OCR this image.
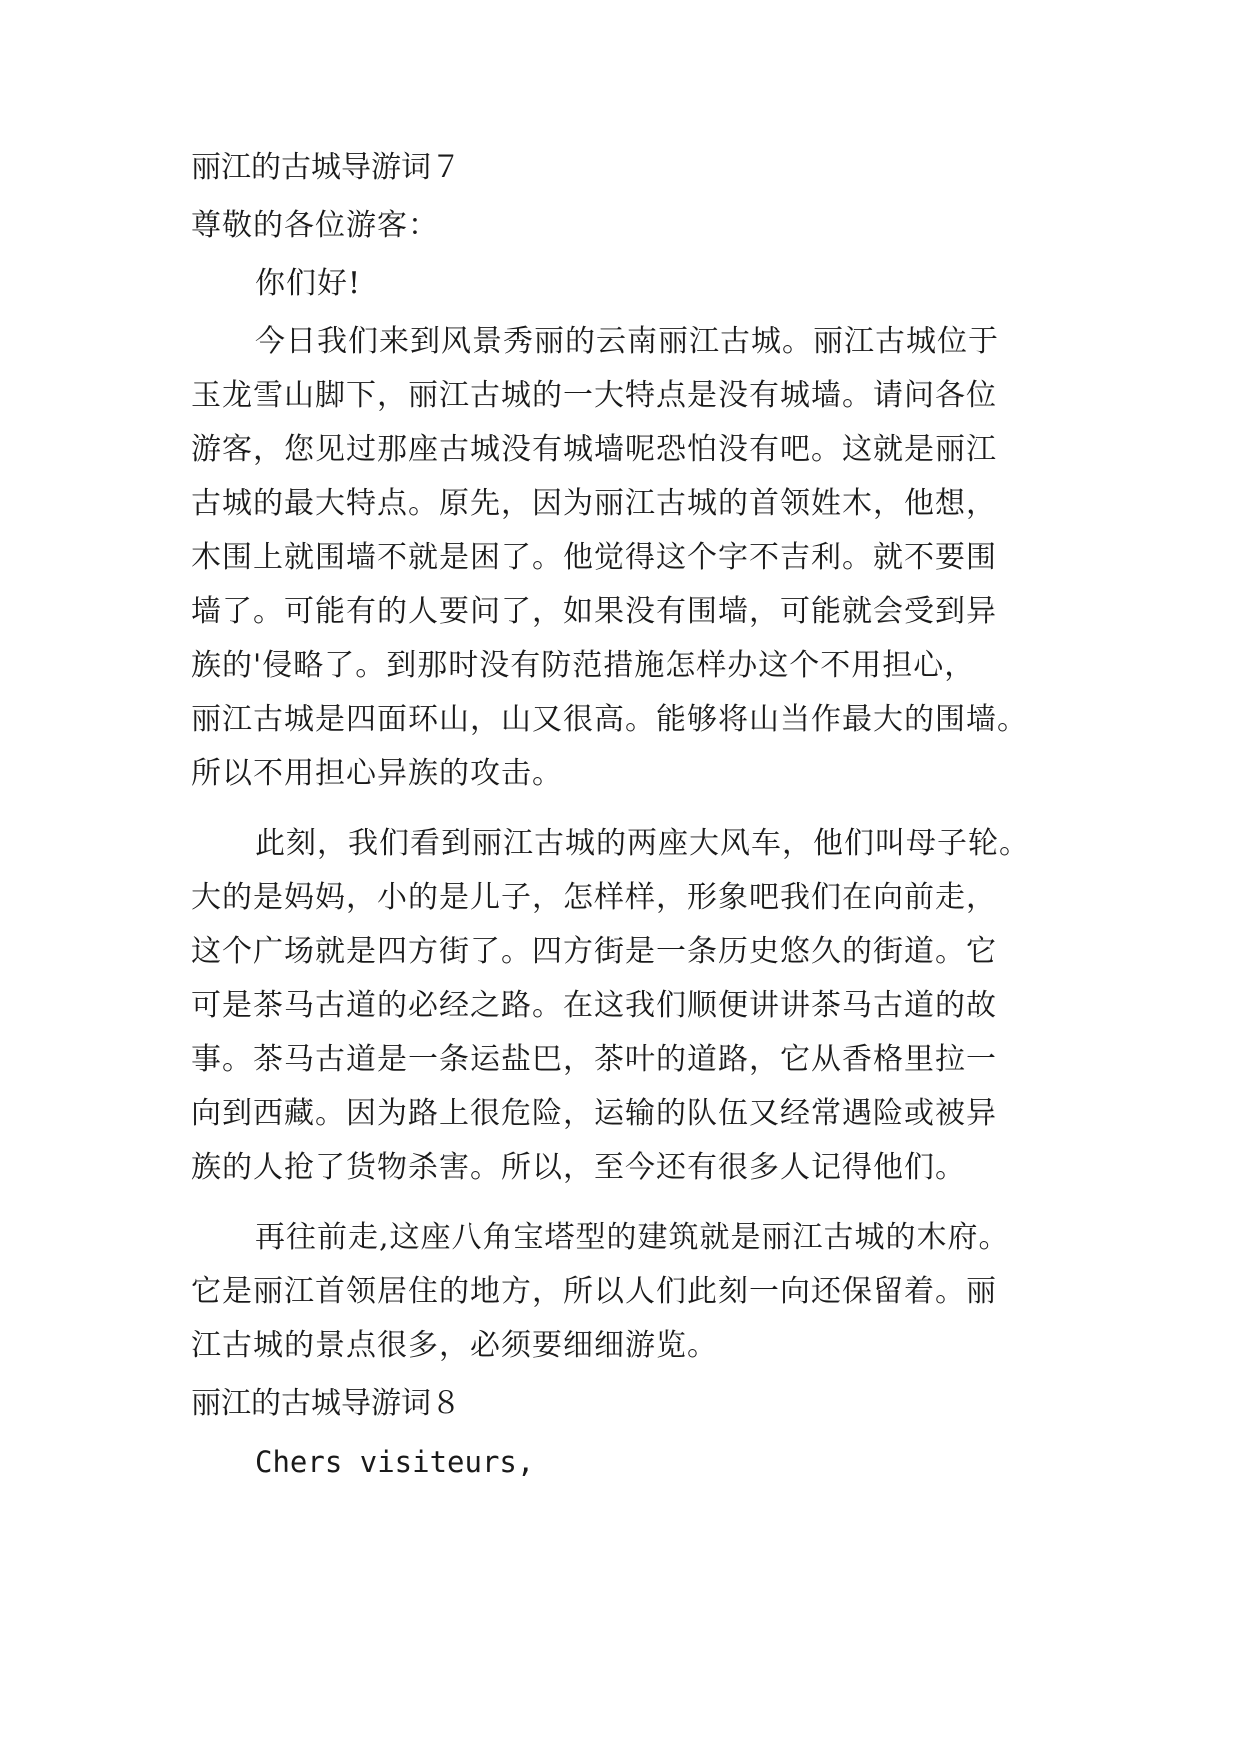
丽江的古城导游词７
尊敬的各位游客：
你们好!
今日我们来到风景秀丽的云南丽江古城。丽江古城位于
玉龙雪山脚下，丽江古城的一大特点是没有城墙。请问各位
游客，您见过那座古城没有城墙呢恐怕没有吧。这就是丽江
古城的最大特点。原先，因为丽江古城的首领姓木，他想，
木围上就围墙不就是困了。他觉得这个字不吉利。就不要围
墙了。可能有的人要问了，如果没有围墙，可能就会受到异
族的'侵略了。到那时没有防范措施怎样办这个不用担心，
丽江古城是四面环山，山又很高。能够将山当作最大的围墙。
所以不用担心异族的攻击。
此刻，我们看到丽江古城的两座大风车，他们叫母子轮。
大的是妈妈，小的是儿子，怎样样，形象吧我们在向前走，
这个广场就是四方街了。四方街是一条历史悠久的街道。它
可是茶马古道的必经之路。在这我们顺便讲讲茶马古道的故
事。茶马古道是一条运盐巴，茶叶的道路，它从香格里拉一
向到西藏。因为路上很危险，运输的队伍又经常遇险或被异
族的人抢了货物杀害。所以，至今还有很多人记得他们。
再往前走,这座八角宝塔型的建筑就是丽江古城的木府。
它是丽江首领居住的地方，所以人们此刻一向还保留着。丽
江古城的景点很多，必须要细细游览。
丽江的古城导游词８
Chers visiteurs,
